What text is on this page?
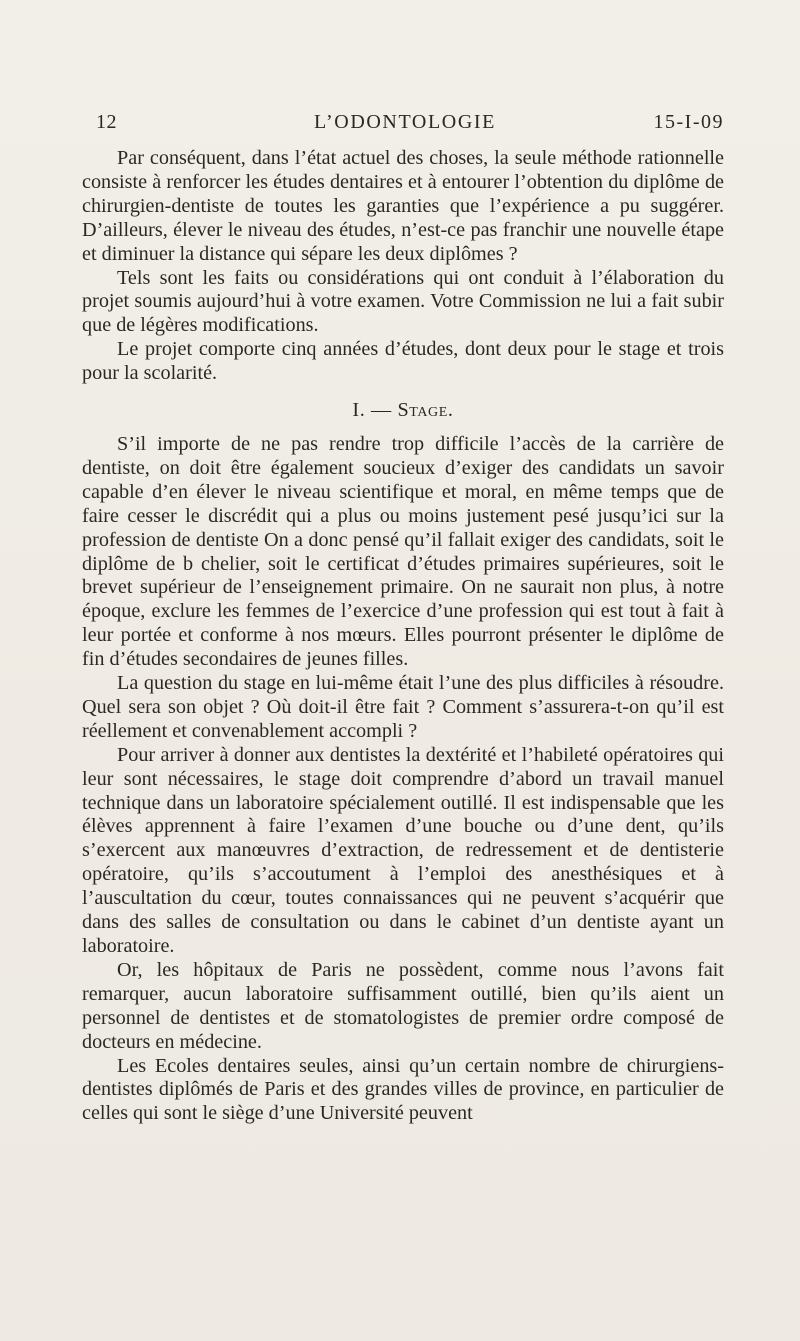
12	L’ODONTOLOGIE	15-I-09

Par conséquent, dans l’état actuel des choses, la seule méthode rationnelle consiste à renforcer les études dentaires et à entourer l’obtention du diplôme de chirurgien-dentiste de toutes les garanties que l’expérience a pu suggérer. D’ailleurs, élever le niveau des études, n’est-ce pas franchir une nouvelle étape et diminuer la distance qui sépare les deux diplômes ?

Tels sont les faits ou considérations qui ont conduit à l’élaboration du projet soumis aujourd’hui à votre examen. Votre Commission ne lui a fait subir que de légères modifications.

Le projet comporte cinq années d’études, dont deux pour le stage et trois pour la scolarité.

I. — Stage.

S’il importe de ne pas rendre trop difficile l’accès de la carrière de dentiste, on doit être également soucieux d’exiger des candidats un savoir capable d’en élever le niveau scientifique et moral, en même temps que de faire cesser le discrédit qui a plus ou moins justement pesé jusqu’ici sur la profession de dentiste On a donc pensé qu’il fallait exiger des candidats, soit le diplôme de b chelier, soit le certificat d’études primaires supérieures, soit le brevet supérieur de l’enseignement primaire. On ne saurait non plus, à notre époque, exclure les femmes de l’exercice d’une profession qui est tout à fait à leur portée et conforme à nos mœurs. Elles pourront présenter le diplôme de fin d’études secondaires de jeunes filles.

La question du stage en lui-même était l’une des plus difficiles à résoudre. Quel sera son objet ? Où doit-il être fait ? Comment s’assurera-t-on qu’il est réellement et convenablement accompli ?

Pour arriver à donner aux dentistes la dextérité et l’habileté opératoires qui leur sont nécessaires, le stage doit comprendre d’abord un travail manuel technique dans un laboratoire spécialement outillé. Il est indispensable que les élèves apprennent à faire l’examen d’une bouche ou d’une dent, qu’ils s’exercent aux manœuvres d’extraction, de redressement et de dentisterie opératoire, qu’ils s’accoutument à l’emploi des anesthésiques et à l’auscultation du cœur, toutes connaissances qui ne peuvent s’acquérir que dans des salles de consultation ou dans le cabinet d’un dentiste ayant un laboratoire.

Or, les hôpitaux de Paris ne possèdent, comme nous l’avons fait remarquer, aucun laboratoire suffisamment outillé, bien qu’ils aient un personnel de dentistes et de stomatologistes de premier ordre composé de docteurs en médecine.

Les Ecoles dentaires seules, ainsi qu’un certain nombre de chirurgiens-dentistes diplômés de Paris et des grandes villes de province, en particulier de celles qui sont le siège d’une Université peuvent
